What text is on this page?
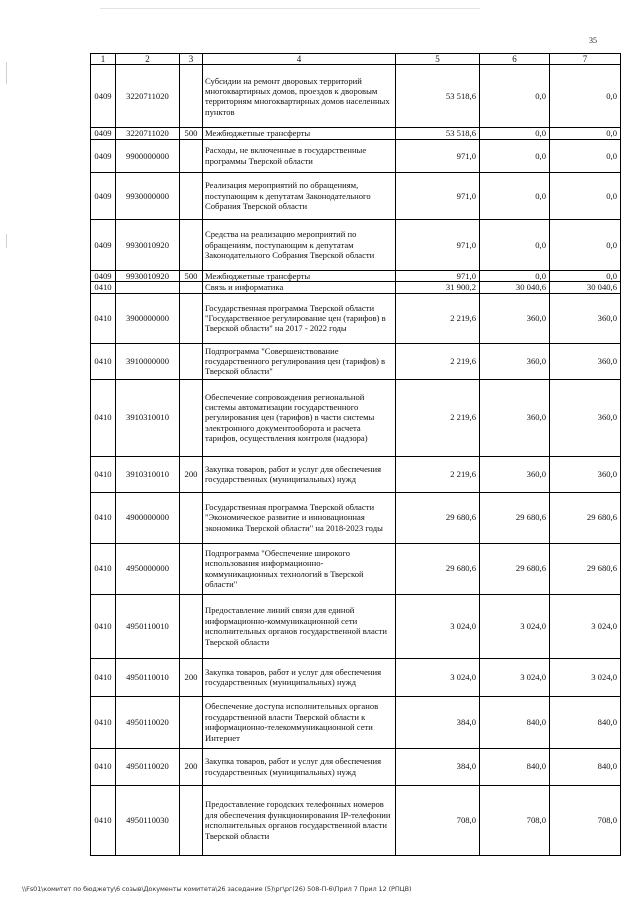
35
1	2	3	4	5	6	7
0409	3220711020		Субсидии на ремонт дворовых территорий многоквартирных домов, проездов к дворовым территориям многоквартирных домов населенных пунктов	53 518,6	0,0	0,0
0409	3220711020	500	Межбюджетные трансферты	53 518,6	0,0	0,0
0409	9900000000		Расходы, не включенные в государственные программы Тверской области	971,0	0,0	0,0
0409	9930000000		Реализация мероприятий по обращениям, поступающим к депутатам Законодательного Собрания Тверской области	971,0	0,0	0,0
0409	9930010920		Средства на реализацию мероприятий по обращениям, поступающим к депутатам Законодательного Собрания Тверской области	971,0	0,0	0,0
0409	9930010920	500	Межбюджетные трансферты	971,0	0,0	0,0
0410			Связь и информатика	31 900,2	30 040,6	30 040,6
0410	3900000000		Государственная программа Тверской области "Государственное регулирование цен (тарифов) в Тверской области" на 2017 - 2022 годы	2 219,6	360,0	360,0
0410	3910000000		Подпрограмма "Совершенствование государственного регулирования цен (тарифов) в Тверской области"	2 219,6	360,0	360,0
0410	3910310010		Обеспечение сопровождения региональной системы автоматизации государственного регулирования цен (тарифов) в части системы электронного документооборота и расчета тарифов, осуществления контроля (надзора)	2 219,6	360,0	360,0
0410	3910310010	200	Закупка товаров, работ и услуг для обеспечения государственных (муниципальных) нужд	2 219,6	360,0	360,0
0410	4900000000		Государственная программа Тверской области "Экономическое развитие и инновационная экономика Тверской области" на 2018-2023 годы	29 680,6	29 680,6	29 680,6
0410	4950000000		Подпрограмма "Обеспечение широкого использования информационно-коммуникационных технологий в Тверской области"	29 680,6	29 680,6	29 680,6
0410	4950110010		Предоставление линий связи для единой информационно-коммуникационной сети исполнительных органов государственной власти Тверской области	3 024,0	3 024,0	3 024,0
0410	4950110010	200	Закупка товаров, работ и услуг для обеспечения государственных (муниципальных) нужд	3 024,0	3 024,0	3 024,0
0410	4950110020		Обеспечение доступа исполнительных органов государственной власти Тверской области к информационно-телекоммуникационной сети Интернет	384,0	840,0	840,0
0410	4950110020	200	Закупка товаров, работ и услуг для обеспечения государственных (муниципальных) нужд	384,0	840,0	840,0
0410	4950110030		Предоставление городских телефонных номеров для обеспечения функционирования IP-телефонии исполнительных органов государственной власти Тверской области	708,0	708,0	708,0
\\Fs01\комитет по бюджету\6 созыв\Документы комитета\26 заседание (5)\рг\рг(26) 508-П-6\Прил 7 Прил 12 (РПЦВ)
